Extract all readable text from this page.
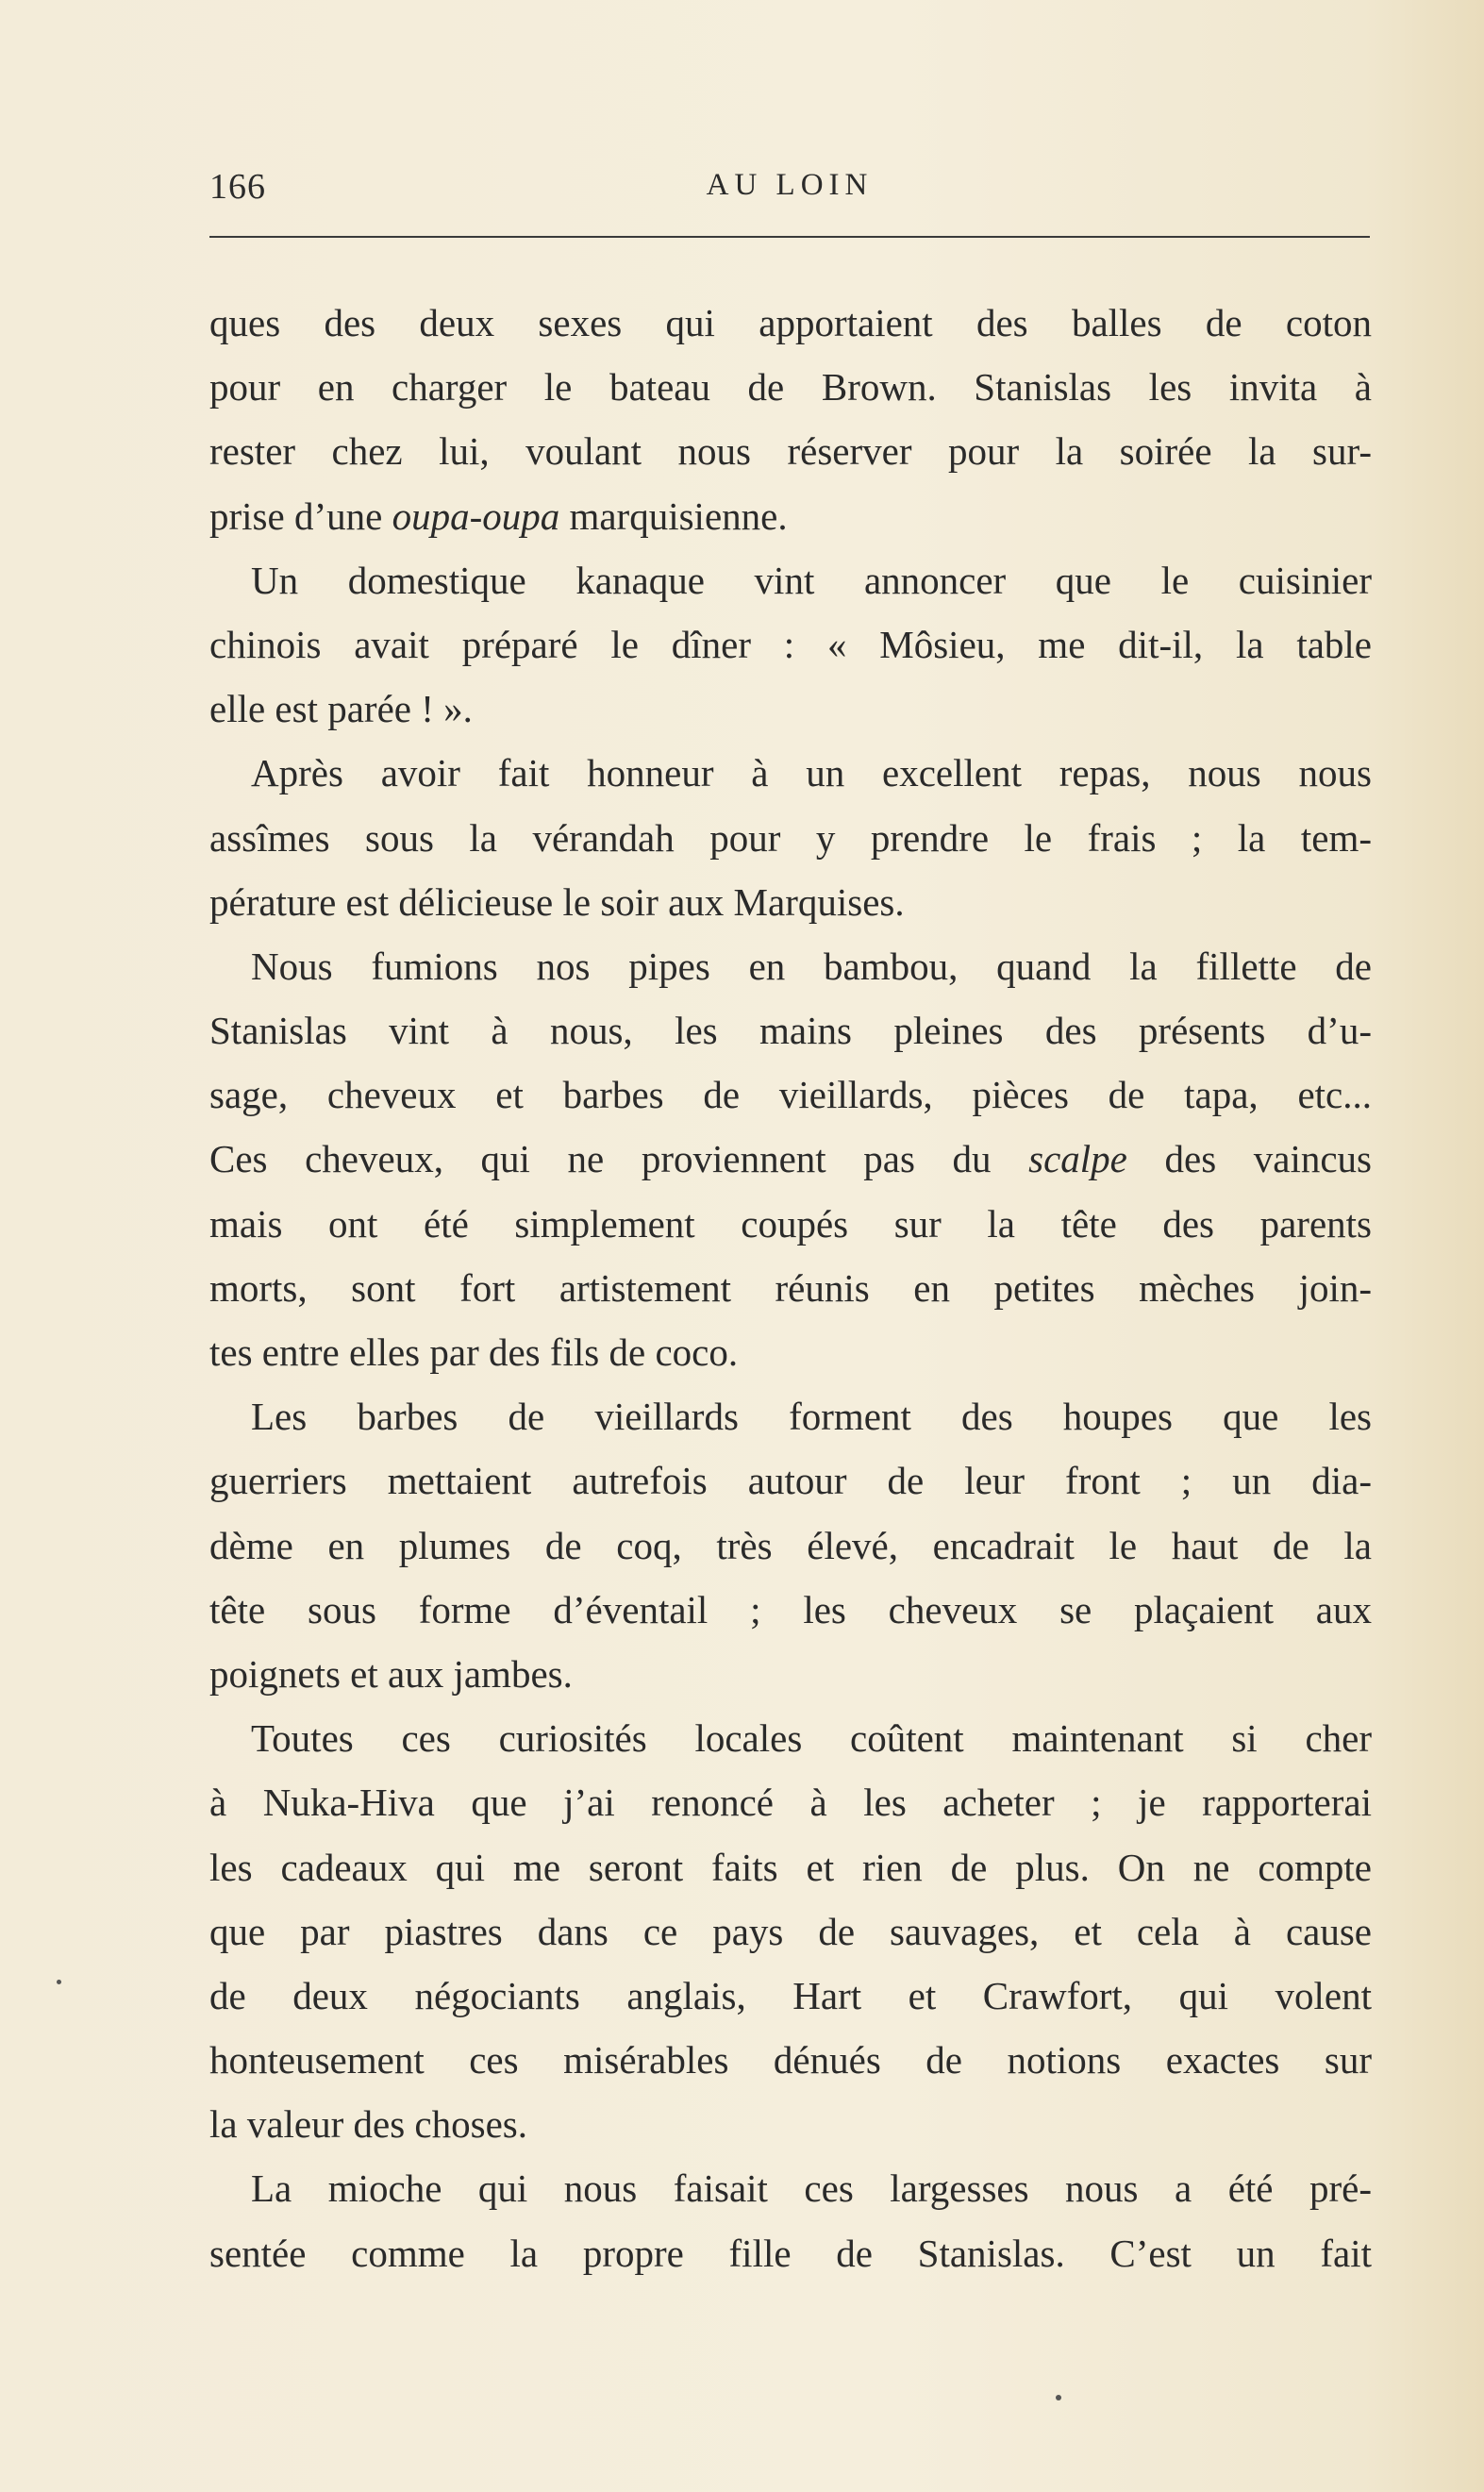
166	AU LOIN
ques des deux sexes qui apportaient des balles de coton
pour en charger le bateau de Brown. Stanislas les invita à
rester chez lui, voulant nous réserver pour la soirée la sur-
prise d’une oupa-oupa marquisienne.
Un domestique kanaque vint annoncer que le cuisinier
chinois avait préparé le dîner : « Môsieu, me dit-il, la table
elle est parée ! ».
Après avoir fait honneur à un excellent repas, nous nous
assîmes sous la vérandah pour y prendre le frais ; la tem-
pérature est délicieuse le soir aux Marquises.
Nous fumions nos pipes en bambou, quand la fillette de
Stanislas vint à nous, les mains pleines des présents d’u-
sage, cheveux et barbes de vieillards, pièces de tapa, etc...
Ces cheveux, qui ne proviennent pas du scalpe des vaincus
mais ont été simplement coupés sur la tête des parents
morts, sont fort artistement réunis en petites mèches join-
tes entre elles par des fils de coco.
Les barbes de vieillards forment des houpes que les
guerriers mettaient autrefois autour de leur front ; un dia-
dème en plumes de coq, très élevé, encadrait le haut de la
tête sous forme d’éventail ; les cheveux se plaçaient aux
poignets et aux jambes.
Toutes ces curiosités locales coûtent maintenant si cher
à Nuka-Hiva que j’ai renoncé à les acheter ; je rapporterai
les cadeaux qui me seront faits et rien de plus. On ne compte
que par piastres dans ce pays de sauvages, et cela à cause
de deux négociants anglais, Hart et Crawfort, qui volent
honteusement ces misérables dénués de notions exactes sur
la valeur des choses.
La mioche qui nous faisait ces largesses nous a été pré-
sentée comme la propre fille de Stanislas. C’est un fait
